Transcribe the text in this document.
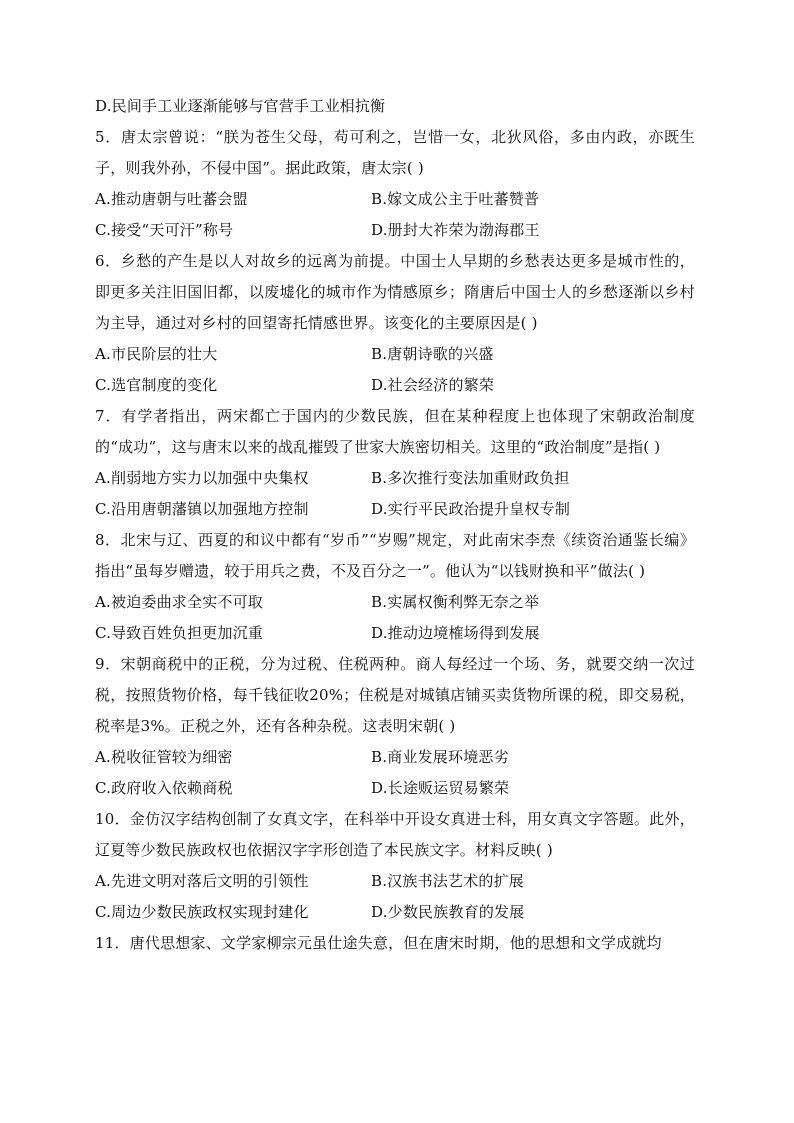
D.民间手工业逐渐能够与官营手工业相抗衡
5．唐太宗曾说：“朕为苍生父母，苟可利之，岂惜一女，北狄风俗，多由内政，亦既生子，则我外孙，不侵中国”。据此政策，唐太宗( )
A.推动唐朝与吐蕃会盟	B.嫁文成公主于吐蕃赞普
C.接受“天可汗”称号	D.册封大祚荣为渤海郡王
6．乡愁的产生是以人对故乡的远离为前提。中国士人早期的乡愁表达更多是城市性的，即更多关注旧国旧都，以废墟化的城市作为情感原乡；隋唐后中国士人的乡愁逐渐以乡村为主导，通过对乡村的回望寄托情感世界。该变化的主要原因是( )
A.市民阶层的壮大	B.唐朝诗歌的兴盛
C.选官制度的变化	D.社会经济的繁荣
7．有学者指出，两宋都亡于国内的少数民族，但在某种程度上也体现了宋朝政治制度的“成功”，这与唐末以来的战乱摧毁了世家大族密切相关。这里的“政治制度”是指( )
A.削弱地方实力以加强中央集权	B.多次推行变法加重财政负担
C.沿用唐朝藩镇以加强地方控制	D.实行平民政治提升皇权专制
8．北宋与辽、西夏的和议中都有“岁币”“岁赐”规定，对此南宋李焘《续资治通鉴长编》指出“虽每岁赠遗，较于用兵之费，不及百分之一”。他认为“以钱财换和平”做法( )
A.被迫委曲求全实不可取	B.实属权衡利弊无奈之举
C.导致百姓负担更加沉重	D.推动边境榷场得到发展
9．宋朝商税中的正税，分为过税、住税两种。商人每经过一个场、务，就要交纳一次过税，按照货物价格，每千钱征收20%；住税是对城镇店铺买卖货物所课的税，即交易税，税率是3%。正税之外，还有各种杂税。这表明宋朝( )
A.税收征管较为细密	B.商业发展环境恶劣
C.政府收入依赖商税	D.长途贩运贸易繁荣
10．金仿汉字结构创制了女真文字，在科举中开设女真进士科，用女真文字答题。此外，辽夏等少数民族政权也依据汉字字形创造了本民族文字。材料反映( )
A.先进文明对落后文明的引领性	B.汉族书法艺术的扩展
C.周边少数民族政权实现封建化	D.少数民族教育的发展
11．唐代思想家、文学家柳宗元虽仕途失意，但在唐宋时期，他的思想和文学成就均
